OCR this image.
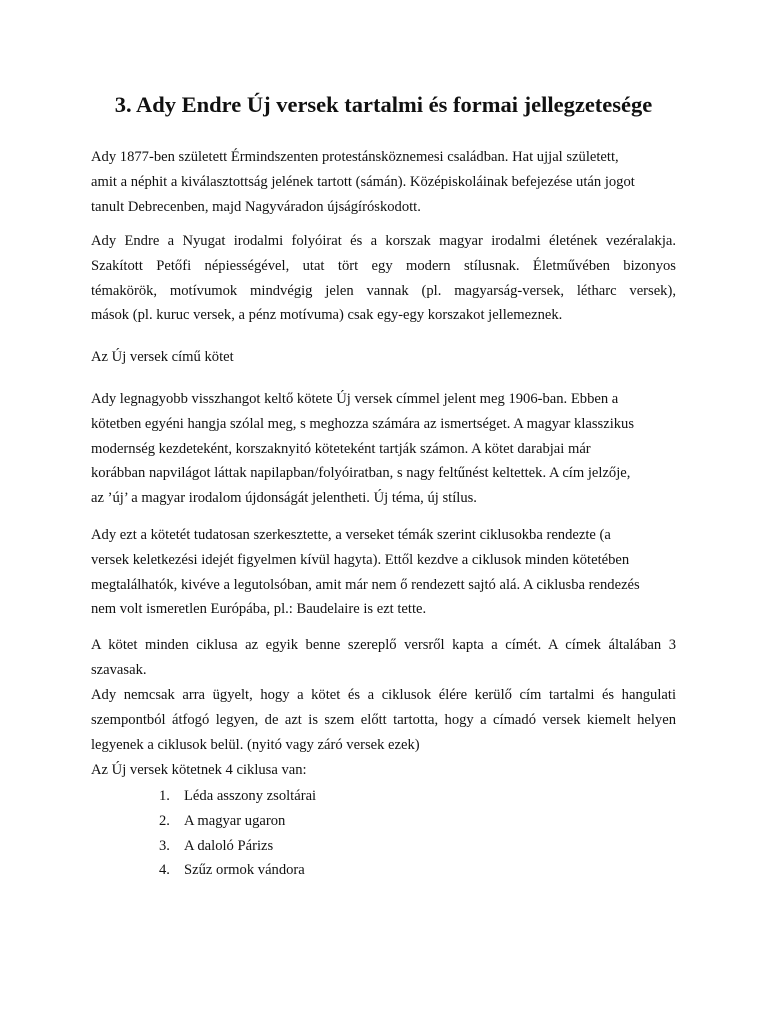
3. Ady Endre Új versek tartalmi és formai jellegzetesége

Ady 1877-ben született Érmindszenten protestánsköznemesi családban. Hat ujjal született,
amit a néphit a kiválasztottság jelének tartott (sámán). Középiskoláinak befejezése után jogot
tanult Debrecenben, majd Nagyváradon újságíróskodott.

Ady Endre a Nyugat irodalmi folyóirat és a korszak magyar irodalmi életének vezéralakja.
Szakított Petőfi népiességével, utat tört egy modern stílusnak. Életművében bizonyos
témakörök, motívumok mindvégig jelen vannak (pl. magyarság-versek, létharc versek),
mások (pl. kuruc versek, a pénz motívuma) csak egy-egy korszakot jellemeznek.

Az Új versek című kötet

Ady legnagyobb visszhangot keltő kötete Új versek címmel jelent meg 1906-ban. Ebben a
kötetben egyéni hangja szólal meg, s meghozza számára az ismertséget. A magyar klasszikus
modernség kezdeteként, korszaknyitó köteteként tartják számon. A kötet darabjai már
korábban napvilágot láttak napilapban/folyóiratban, s nagy feltűnést keltettek. A cím jelzője,
az ’új’ a magyar irodalom újdonságát jelentheti. Új téma, új stílus.

Ady ezt a kötetét tudatosan szerkesztette, a verseket témák szerint ciklusokba rendezte (a
versek keletkezési idejét figyelmen kívül hagyta). Ettől kezdve a ciklusok minden kötetében
megtalálhatók, kivéve a legutolsóban, amit már nem ő rendezett sajtó alá. A ciklusba rendezés
nem volt ismeretlen Európába, pl.: Baudelaire is ezt tette.

A kötet minden ciklusa az egyik benne szereplő versről kapta a címét. A címek általában 3
szavasak.

Ady nemcsak arra ügyelt, hogy a kötet és a ciklusok élére kerülő cím tartalmi és hangulati
szempontból átfogó legyen, de azt is szem előtt tartotta, hogy a címadó versek kiemelt helyen
legyenek a ciklusok belül. (nyitó vagy záró versek ezek)

Az Új versek kötetnek 4 ciklusa van:

1. Léda asszony zsoltárai
2. A magyar ugaron
3. A daloló Párizs
4. Szűz ormok vándora
